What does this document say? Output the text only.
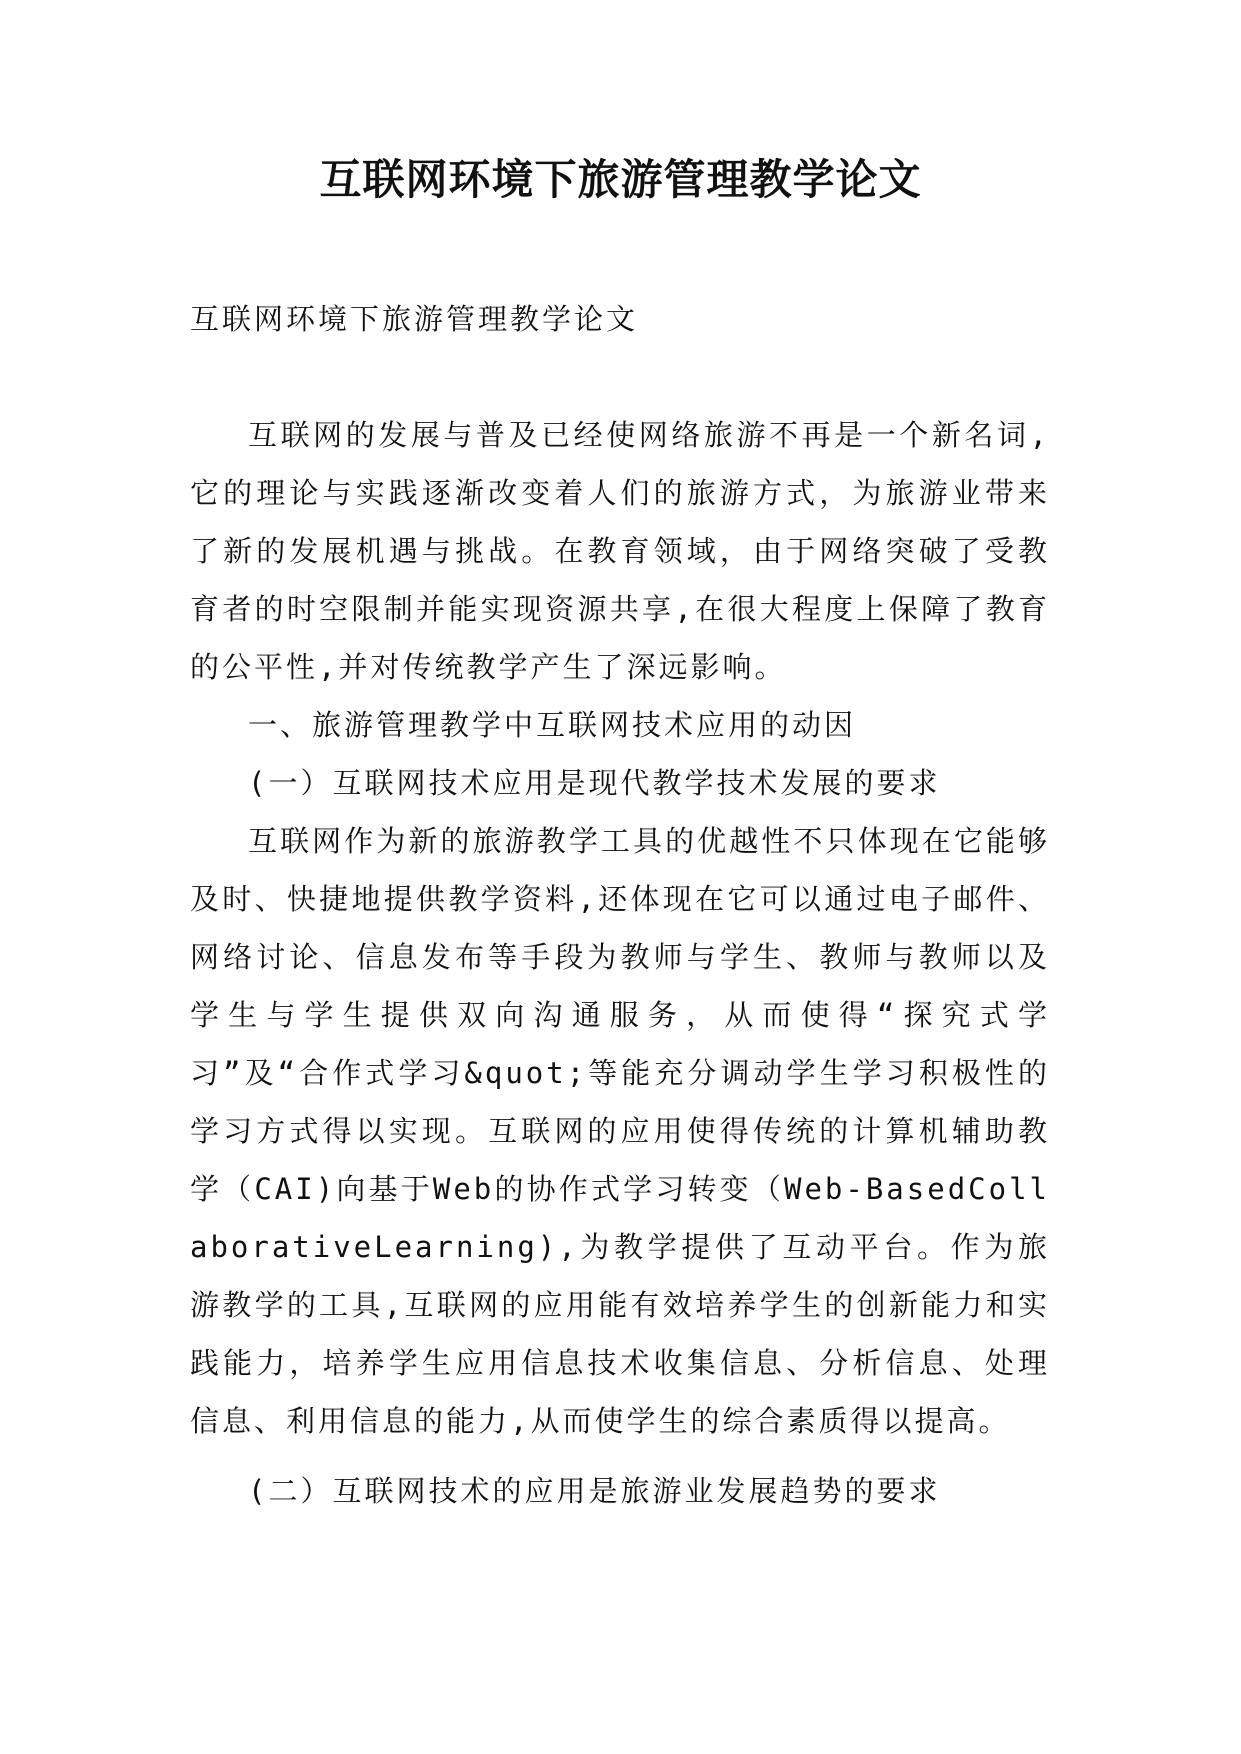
互联网环境下旅游管理教学论文

互联网环境下旅游管理教学论文

互联网的发展与普及已经使网络旅游不再是一个新名词,它的理论与实践逐渐改变着人们的旅游方式，为旅游业带来了新的发展机遇与挑战。在教育领域，由于网络突破了受教育者的时空限制并能实现资源共享,在很大程度上保障了教育的公平性,并对传统教学产生了深远影响。

一、旅游管理教学中互联网技术应用的动因

(一）互联网技术应用是现代教学技术发展的要求

互联网作为新的旅游教学工具的优越性不只体现在它能够及时、快捷地提供教学资料,还体现在它可以通过电子邮件、网络讨论、信息发布等手段为教师与学生、教师与教师以及学生与学生提供双向沟通服务，从而使得“探究式学习”及“合作式学习&quot;等能充分调动学生学习积极性的学习方式得以实现。互联网的应用使得传统的计算机辅助教学（CAI)向基于Web的协作式学习转变（Web-BasedCollaborativeLearning),为教学提供了互动平台。作为旅游教学的工具,互联网的应用能有效培养学生的创新能力和实践能力，培养学生应用信息技术收集信息、分析信息、处理信息、利用信息的能力,从而使学生的综合素质得以提高。

(二）互联网技术的应用是旅游业发展趋势的要求
